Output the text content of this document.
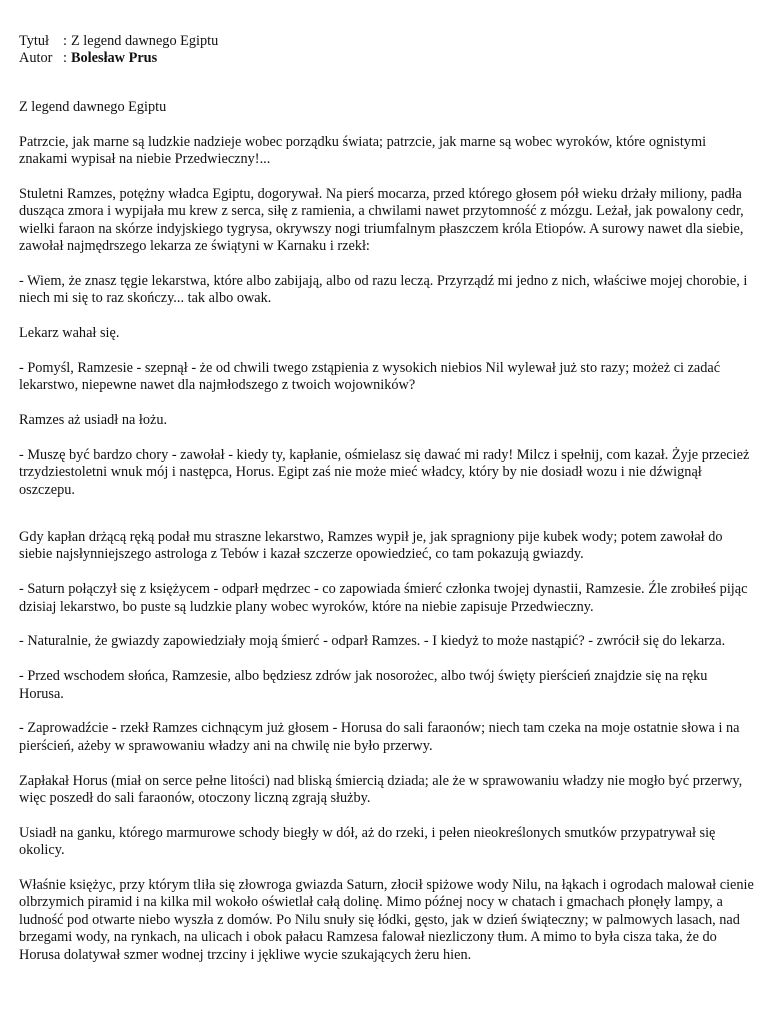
Tytuł : Z legend dawnego Egiptu
Autor : Bolesław Prus
Z legend dawnego Egiptu

Patrzcie, jak marne są ludzkie nadzieje wobec porządku świata; patrzcie, jak marne są wobec wyroków, które ognistymi znakami wypisał na niebie Przedwieczny!...

Stuletni Ramzes, potężny władca Egiptu, dogorywał. Na pierś mocarza, przed którego głosem pół wieku drżały miliony, padła dusząca zmora i wypijała mu krew z serca, siłę z ramienia, a chwilami nawet przytomność z mózgu. Leżał, jak powalony cedr, wielki faraon na skórze indyjskiego tygrysa, okrywszy nogi triumfalnym płaszczem króla Etiopów. A surowy nawet dla siebie, zawołał najmędrszego lekarza ze świątyni w Karnaku i rzekł:

- Wiem, że znasz tęgie lekarstwa, które albo zabijają, albo od razu leczą. Przyrządź mi jedno z nich, właściwe mojej chorobie, i niech mi się to raz skończy... tak albo owak.

Lekarz wahał się.

- Pomyśl, Ramzesie - szepnął - że od chwili twego zstąpienia z wysokich niebios Nil wylewał już sto razy; możeż ci zadać lekarstwo, niepewne nawet dla najmłodszego z twoich wojowników?

Ramzes aż usiadł na łożu.

- Muszę być bardzo chory - zawołał - kiedy ty, kapłanie, ośmielasz się dawać mi rady! Milcz i spełnij, com kazał. Żyje przecież trzydziestoletni wnuk mój i następca, Horus. Egipt zaś nie może mieć władcy, który by nie dosiadł wozu i nie dźwignął oszczepu.

Gdy kapłan drżącą ręką podał mu straszne lekarstwo, Ramzes wypił je, jak spragniony pije kubek wody; potem zawołał do siebie najsłynniejszego astrologa z Tebów i kazał szczerze opowiedzieć, co tam pokazują gwiazdy.

- Saturn połączył się z księżycem - odparł mędrzec - co zapowiada śmierć członka twojej dynastii, Ramzesie. Źle zrobiłeś pijąc dzisiaj lekarstwo, bo puste są ludzkie plany wobec wyroków, które na niebie zapisuje Przedwieczny.

- Naturalnie, że gwiazdy zapowiedziały moją śmierć - odparł Ramzes. - I kiedyż to może nastąpić? - zwrócił się do lekarza.

- Przed wschodem słońca, Ramzesie, albo będziesz zdrów jak nosorożec, albo twój święty pierścień znajdzie się na ręku Horusa.

- Zaprowadźcie - rzekł Ramzes cichnącym już głosem - Horusa do sali faraonów; niech tam czeka na moje ostatnie słowa i na pierścień, ażeby w sprawowaniu władzy ani na chwilę nie było przerwy.

Zapłakał Horus (miał on serce pełne litości) nad bliską śmiercią dziada; ale że w sprawowaniu władzy nie mogło być przerwy, więc poszedł do sali faraonów, otoczony liczną zgrają służby.

Usiadł na ganku, którego marmurowe schody biegły w dół, aż do rzeki, i pełen nieokreślonych smutków przypatrywał się okolicy.

Właśnie księżyc, przy którym tliła się złowroga gwiazda Saturn, złocił spiżowe wody Nilu, na łąkach i ogrodach malował cienie olbrzymich piramid i na kilka mil wokoło oświetlał całą dolinę. Mimo późnej nocy w chatach i gmachach płonęły lampy, a ludność pod otwarte niebo wyszła z domów. Po Nilu snuły się łódki, gęsto, jak w dzień świąteczny; w palmowych lasach, nad brzegami wody, na rynkach, na ulicach i obok pałacu Ramzesa falował niezliczony tłum. A mimo to była cisza taka, że do Horusa dolatywał szmer wodnej trzciny i jękliwe wycie szukających żeru hien.
